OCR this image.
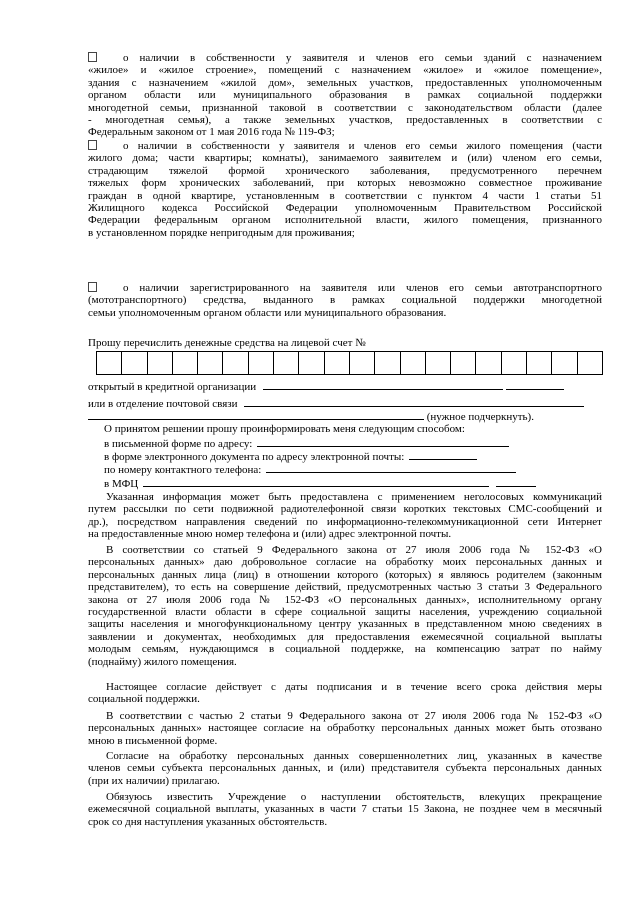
о наличии в собственности у заявителя и членов его семьи зданий с назначением
«жилое» и «жилое строение», помещений с назначением «жилое» и «жилое помещение»,
здания с назначением «жилой дом», земельных участков, предоставленных уполномоченным
органом области или муниципального образования в рамках социальной поддержки
многодетной семьи, признанной таковой в соответствии с законодательством области (далее
- многодетная семья), а также земельных участков, предоставленных в соответствии с
Федеральным законом от 1 мая 2016 года № 119-ФЗ;
о наличии в собственности у заявителя и членов его семьи жилого помещения (части
жилого дома; части квартиры; комнаты), занимаемого заявителем и (или) членом его семьи,
страдающим тяжелой формой хронического заболевания, предусмотренного перечнем
тяжелых форм хронических заболеваний, при которых невозможно совместное проживание
граждан в одной квартире, установленным в соответствии с пунктом 4 части 1 статьи 51
Жилищного кодекса Российской Федерации уполномоченным Правительством Российской
Федерации федеральным органом исполнительной власти, жилого помещения, признанного
в установленном порядке непригодным для проживания;
о наличии зарегистрированного на заявителя или членов его семьи автотранспортного
(мототранспортного) средства, выданного в рамках социальной поддержки многодетной
семьи уполномоченным органом области или муниципального образования.
Прошу перечислить денежные средства на лицевой счет №
открытый в кредитной организации
или в отделение почтовой связи
(нужное подчеркнуть).
О принятом решении прошу проинформировать меня следующим способом:
в письменной форме по адресу:
в форме электронного документа по адресу электронной почты:
по номеру контактного телефона:
в МФЦ
Указанная информация может быть предоставлена с применением неголосовых коммуникаций
путем рассылки по сети подвижной радиотелефонной связи коротких текстовых СМС-сообщений и
др.), посредством направления сведений по информационно-телекоммуникационной сети Интернет
на предоставленные мною номер телефона и (или) адрес электронной почты.
В соответствии со статьей 9 Федерального закона от 27 июля 2006 года № 152-ФЗ «О
персональных данных» даю добровольное согласие на обработку моих персональных данных и
персональных данных лица (лиц) в отношении которого (которых) я являюсь родителем (законным
представителем), то есть на совершение действий, предусмотренных частью 3 статьи 3 Федерального
закона от 27 июля 2006 года № 152-ФЗ «О персональных данных», исполнительному органу
государственной власти области в сфере социальной защиты населения, учреждению социальной
защиты населения и многофункциональному центру указанных в представленном мною сведениях в
заявлении и документах, необходимых для предоставления ежемесячной социальной выплаты
молодым семьям, нуждающимся в социальной поддержке, на компенсацию затрат по найму
(поднайму) жилого помещения.
Настоящее согласие действует с даты подписания и в течение всего срока действия меры
социальной поддержки.
В соответствии с частью 2 статьи 9 Федерального закона от 27 июля 2006 года № 152-ФЗ «О
персональных данных» настоящее согласие на обработку персональных данных может быть отозвано
мною в письменной форме.
Согласие на обработку персональных данных совершеннолетних лиц, указанных в качестве
членов семьи субъекта персональных данных, и (или) представителя субъекта персональных данных
(при их наличии) прилагаю.
Обязуюсь известить Учреждение о наступлении обстоятельств, влекущих прекращение
ежемесячной социальной выплаты, указанных в части 7 статьи 15 Закона, не позднее чем в месячный
срок со дня наступления указанных обстоятельств.
